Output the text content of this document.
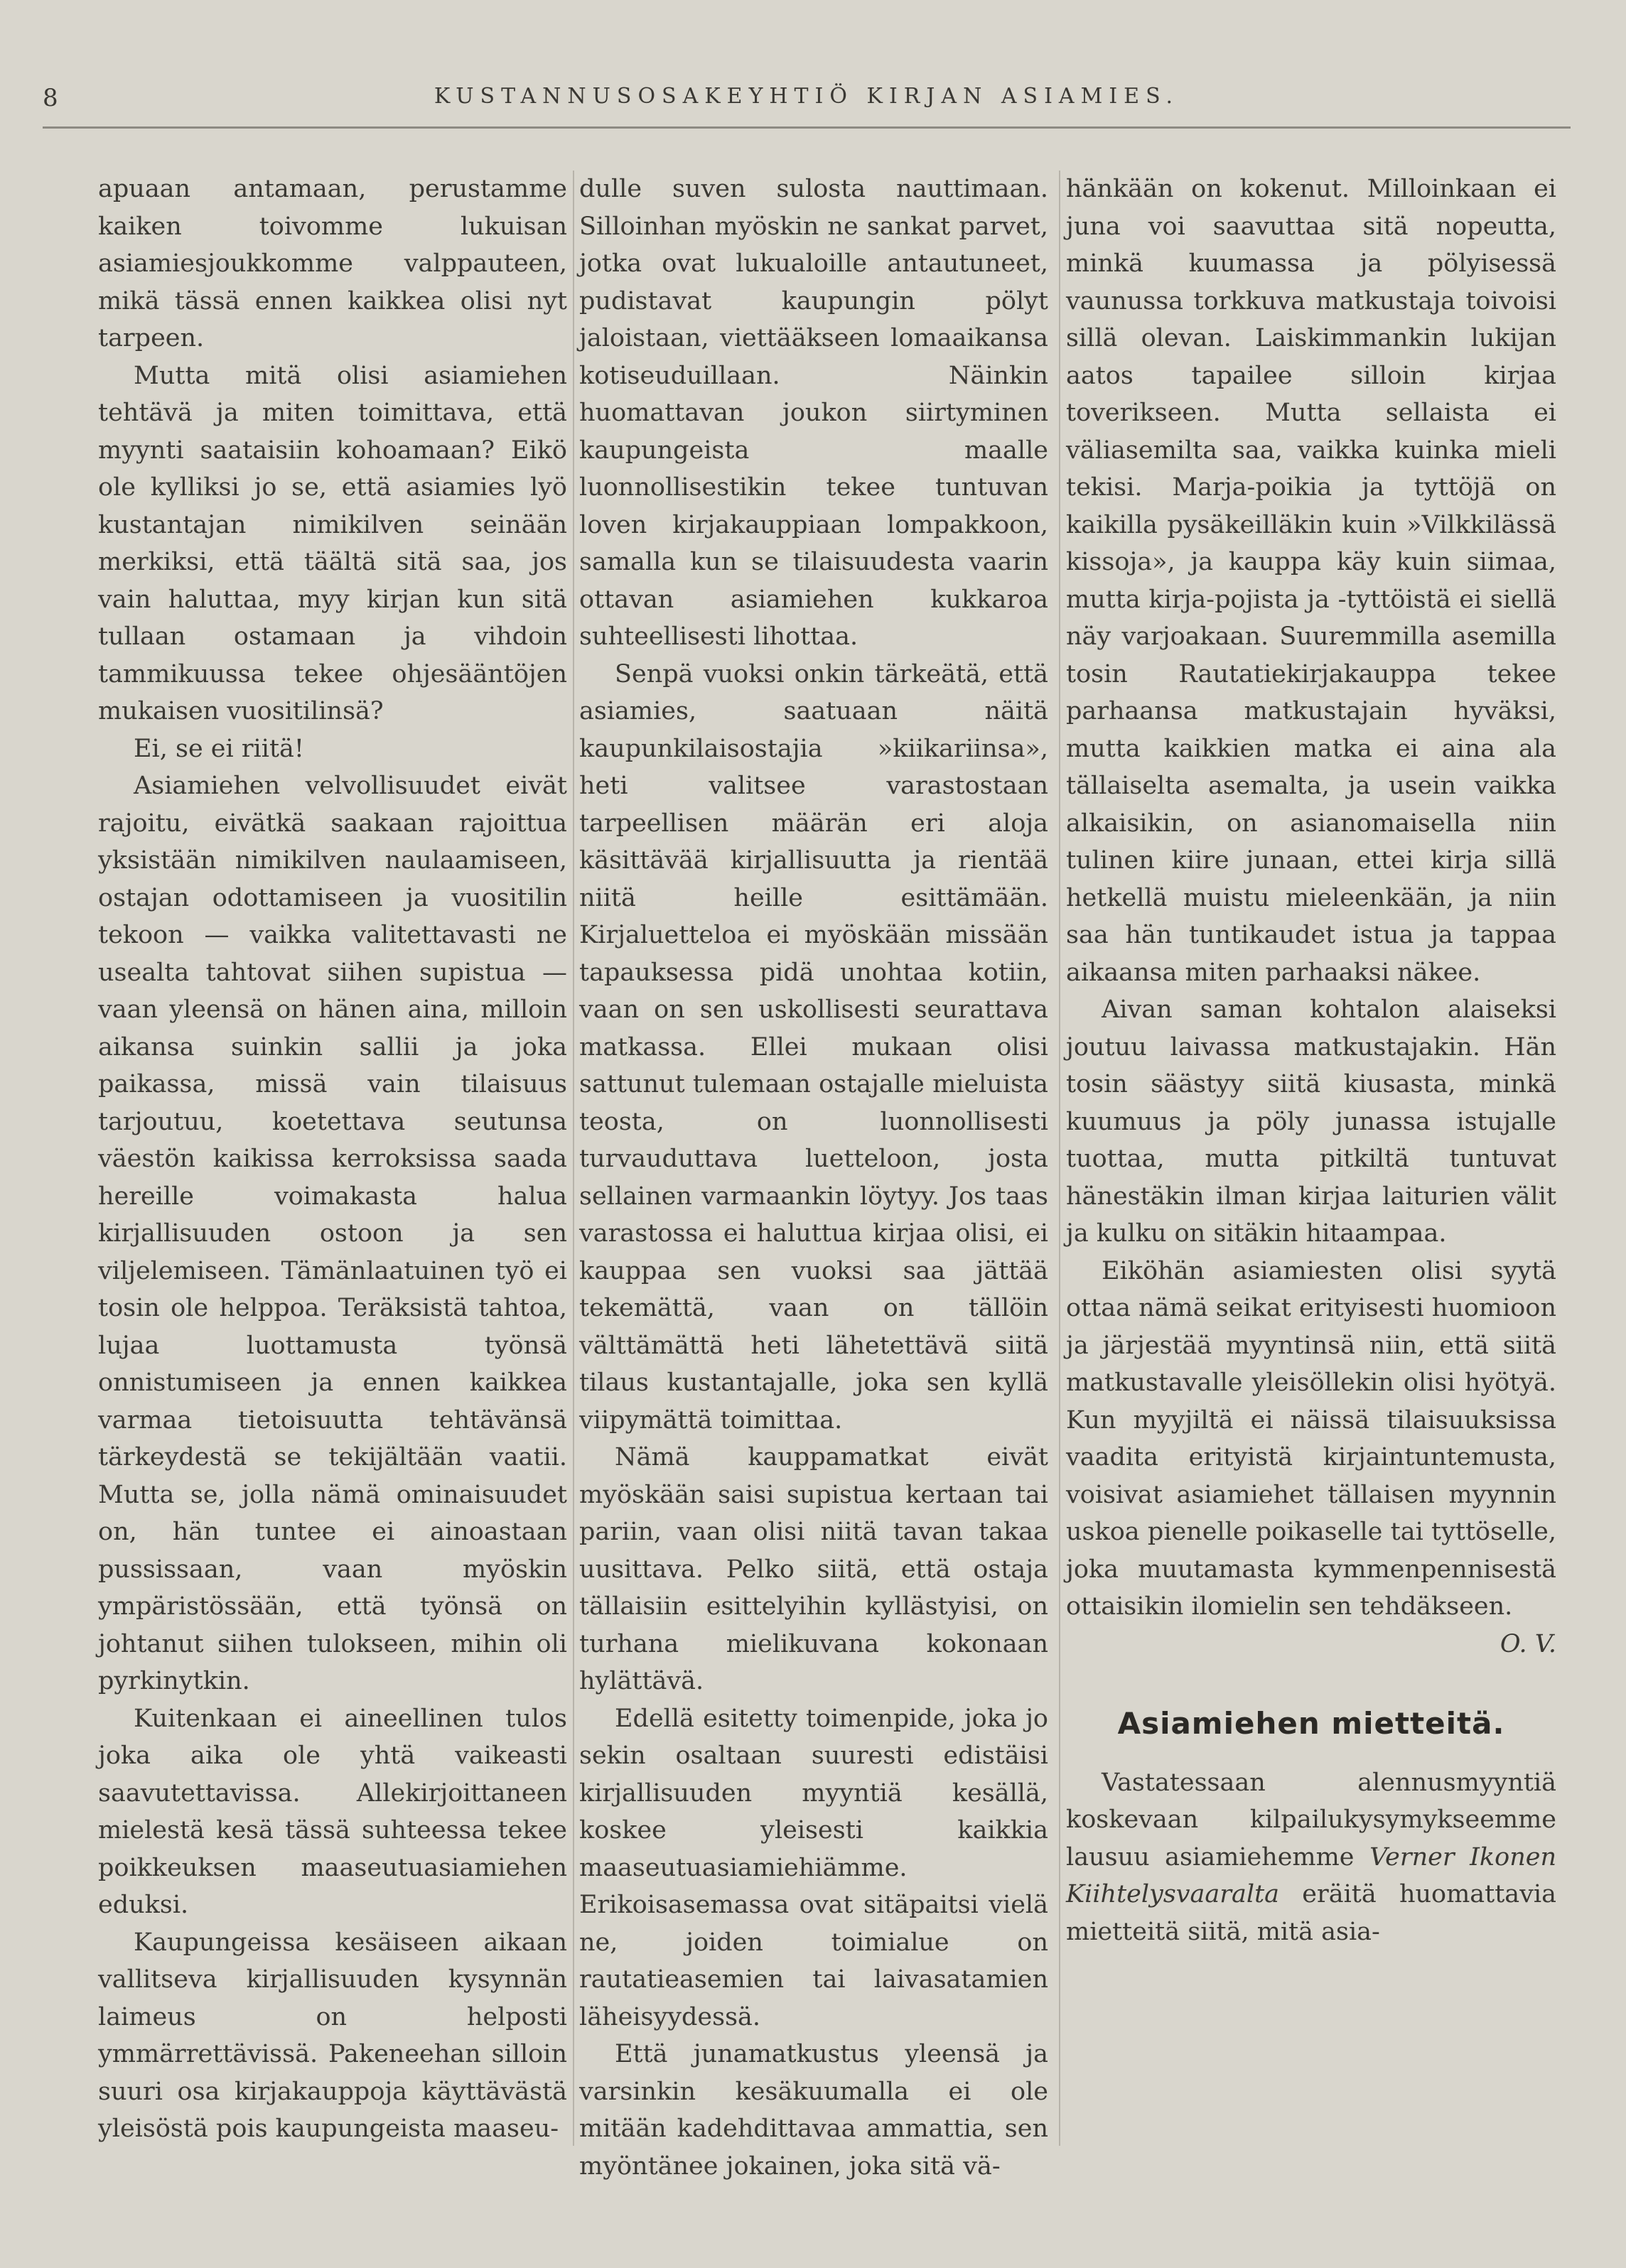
8	KUSTANNUSOSAKEYHTIÖ KIRJAN ASIAMIES.

apuaan antamaan, perustamme kaiken toivomme lukuisan asiamiesjoukkomme valppauteen, mikä tässä ennen kaikkea olisi nyt tarpeen.

Mutta mitä olisi asiamiehen tehtävä ja miten toimittava, että myynti saataisiin kohoamaan? Eikö ole kylliksi jo se, että asiamies lyö kustantajan nimikilven seinään merkiksi, että täältä sitä saa, jos vain haluttaa, myy kirjan kun sitä tullaan ostamaan ja vihdoin tammikuussa tekee ohjesääntöjen mukaisen vuositilinsä?

Ei, se ei riitä!

Asiamiehen velvollisuudet eivät rajoitu, eivätkä saakaan rajoittua yksistään nimikilven naulaamiseen, ostajan odottamiseen ja vuositilin tekoon — vaikka valitettavasti ne usealta tahtovat siihen supistua — vaan yleensä on hänen aina, milloin aikansa suinkin sallii ja joka paikassa, missä vain tilaisuus tarjoutuu, koetettava seutunsa väestön kaikissa kerroksissa saada hereille voimakasta halua kirjallisuuden ostoon ja sen viljelemiseen. Tämänlaatuinen työ ei tosin ole helppoa. Teräksistä tahtoa, lujaa luottamusta työnsä onnistumiseen ja ennen kaikkea varmaa tietoisuutta tehtävänsä tärkeydestä se tekijältään vaatii. Mutta se, jolla nämä ominaisuudet on, hän tuntee ei ainoastaan pussissaan, vaan myöskin ympäristössään, että työnsä on johtanut siihen tulokseen, mihin oli pyrkinytkin.

Kuitenkaan ei aineellinen tulos joka aika ole yhtä vaikeasti saavutettavissa. Allekirjoittaneen mielestä kesä tässä suhteessa tekee poikkeuksen maaseutuasiamiehen eduksi.

Kaupungeissa kesäiseen aikaan vallitseva kirjallisuuden kysynnän laimeus on helposti ymmärrettävissä. Pakeneehan silloin suuri osa kirjakauppoja käyttävästä yleisöstä pois kaupungeista maaseu-

dulle suven sulosta nauttimaan. Silloinhan myöskin ne sankat parvet, jotka ovat lukualoille antautuneet, pudistavat kaupungin pölyt jaloistaan, viettääkseen lomaaikansa kotiseuduillaan. Näinkin huomattavan joukon siirtyminen kaupungeista maalle luonnollisestikin tekee tuntuvan loven kirjakauppiaan lompakkoon, samalla kun se tilaisuudesta vaarin ottavan asiamiehen kukkaroa suhteellisesti lihottaa.

Senpä vuoksi onkin tärkeätä, että asiamies, saatuaan näitä kaupunkilaisostajia »kiikariinsa», heti valitsee varastostaan tarpeellisen määrän eri aloja käsittävää kirjallisuutta ja rientää niitä heille esittämään. Kirjaluetteloa ei myöskään missään tapauksessa pidä unohtaa kotiin, vaan on sen uskollisesti seurattava matkassa. Ellei mukaan olisi sattunut tulemaan ostajalle mieluista teosta, on luonnollisesti turvauduttava luetteloon, josta sellainen varmaankin löytyy. Jos taas varastossa ei haluttua kirjaa olisi, ei kauppaa sen vuoksi saa jättää tekemättä, vaan on tällöin välttämättä heti lähetettävä siitä tilaus kustantajalle, joka sen kyllä viipymättä toimittaa.

Nämä kauppamatkat eivät myöskään saisi supistua kertaan tai pariin, vaan olisi niitä tavan takaa uusittava. Pelko siitä, että ostaja tällaisiin esittelyihin kyllästyisi, on turhana mielikuvana kokonaan hylättävä.

Edellä esitetty toimenpide, joka jo sekin osaltaan suuresti edistäisi kirjallisuuden myyntiä kesällä, koskee yleisesti kaikkia maaseutuasiamiehiämme. Erikoisasemassa ovat sitäpaitsi vielä ne, joiden toimialue on rautatieasemien tai laivasatamien läheisyydessä.

Että junamatkustus yleensä ja varsinkin kesäkuumalla ei ole mitään kadehdittavaa ammattia, sen myöntänee jokainen, joka sitä vä-

hänkään on kokenut. Milloinkaan ei juna voi saavuttaa sitä nopeutta, minkä kuumassa ja pölyisessä vaunussa torkkuva matkustaja toivoisi sillä olevan. Laiskimmankin lukijan aatos tapailee silloin kirjaa toverikseen. Mutta sellaista ei väliasemilta saa, vaikka kuinka mieli tekisi. Marja-poikia ja tyttöjä on kaikilla pysäkeilläkin kuin »Vilkkilässä kissoja», ja kauppa käy kuin siimaa, mutta kirja-pojista ja -tyttöistä ei siellä näy varjoakaan. Suuremmilla asemilla tosin Rautatiekirjakauppa tekee parhaansa matkustajain hyväksi, mutta kaikkien matka ei aina ala tällaiselta asemalta, ja usein vaikka alkaisikin, on asianomaisella niin tulinen kiire junaan, ettei kirja sillä hetkellä muistu mieleenkään, ja niin saa hän tuntikaudet istua ja tappaa aikaansa miten parhaaksi näkee.

Aivan saman kohtalon alaiseksi joutuu laivassa matkustajakin. Hän tosin säästyy siitä kiusasta, minkä kuumuus ja pöly junassa istujalle tuottaa, mutta pitkiltä tuntuvat hänestäkin ilman kirjaa laiturien välit ja kulku on sitäkin hitaampaa.

Eiköhän asiamiesten olisi syytä ottaa nämä seikat erityisesti huomioon ja järjestää myyntinsä niin, että siitä matkustavalle yleisöllekin olisi hyötyä. Kun myyjiltä ei näissä tilaisuuksissa vaadita erityistä kirjaintuntemusta, voisivat asiamiehet tällaisen myynnin uskoa pienelle poikaselle tai tyttöselle, joka muutamasta kymmenpennisestä ottaisikin ilomielin sen tehdäkseen.

O. V.

Asiamiehen mietteitä.

Vastatessaan alennusmyyntiä koskevaan kilpailukysymykseemme lausuu asiamiehemme Verner Ikonen Kiihtelysvaaralta eräitä huomattavia mietteitä siitä, mitä asia-
